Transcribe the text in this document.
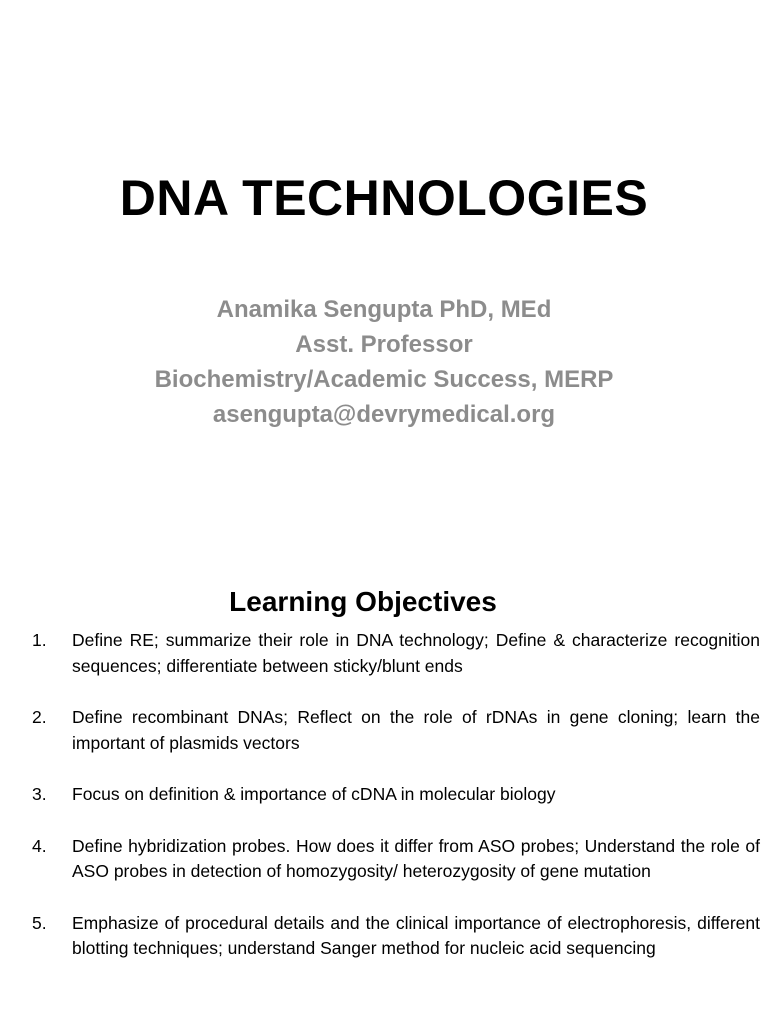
DNA TECHNOLOGIES
Anamika Sengupta PhD, MEd
Asst. Professor
Biochemistry/Academic Success, MERP
asengupta@devrymedical.org
Learning Objectives
1.	Define RE; summarize their role in DNA technology; Define & characterize recognition sequences; differentiate between sticky/blunt ends
2.	Define recombinant DNAs; Reflect on the role of rDNAs in gene cloning; learn the important of plasmids vectors
3.	Focus on definition & importance of cDNA in molecular biology
4.	Define hybridization probes. How does it differ from ASO probes; Understand the role of ASO probes in detection of homozygosity/ heterozygosity of gene mutation
5.	Emphasize of procedural details and the clinical importance of electrophoresis, different blotting techniques; understand Sanger method for nucleic acid sequencing
